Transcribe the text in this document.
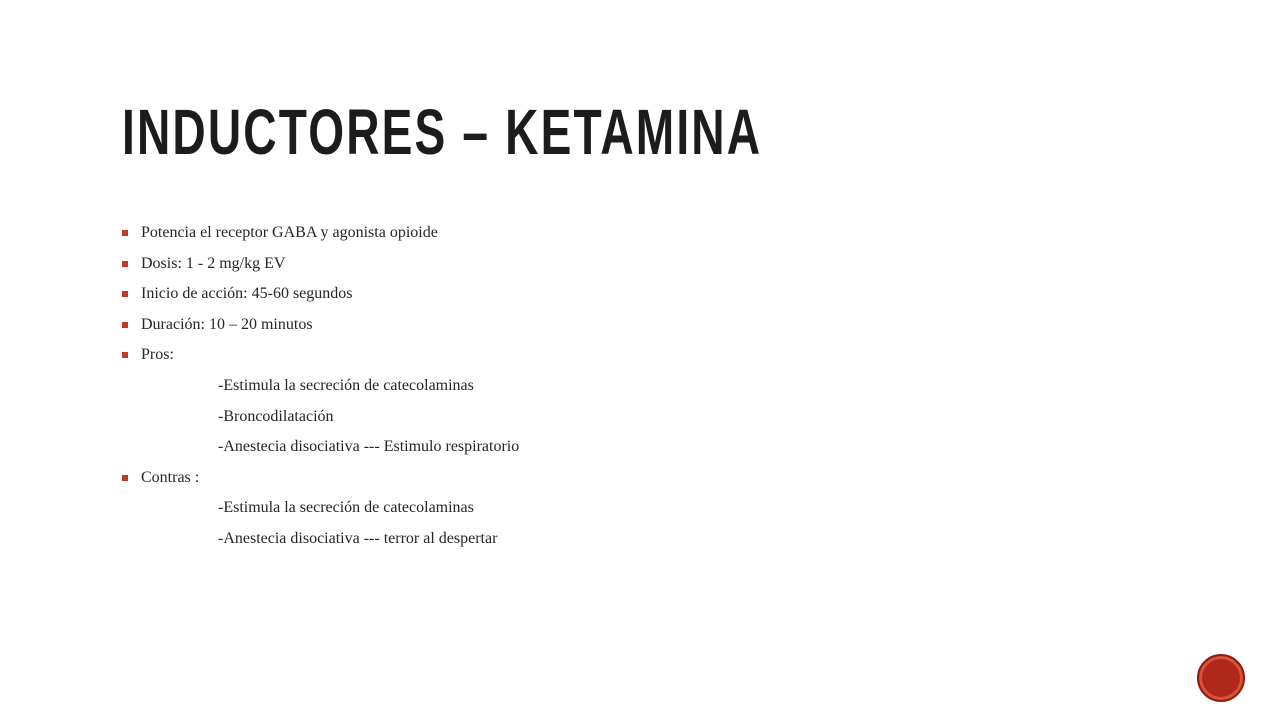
INDUCTORES – KETAMINA
Potencia el receptor GABA y agonista opioide
Dosis: 1 - 2 mg/kg EV
Inicio de acción: 45-60 segundos
Duración: 10 – 20 minutos
Pros:
-Estimula la secreción de catecolaminas
-Broncodilatación
-Anestecia disociativa --- Estimulo respiratorio
Contras :
-Estimula la secreción de catecolaminas
-Anestecia disociativa --- terror al despertar
